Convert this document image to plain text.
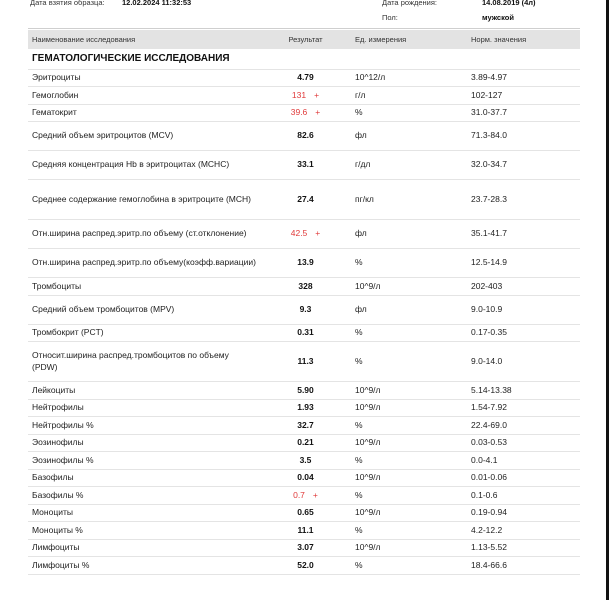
Дата взятия образца: 12.02.2024 11:32:53	Дата рождения:	14.08.2019 (4л)
Пол:	мужской
Наименование исследования	Результат	Ед. измерения	Норм. значения
ГЕМАТОЛОГИЧЕСКИЕ ИССЛЕДОВАНИЯ			
Эритроциты	4.79	10^12/л	3.89-4.97
Гемоглобин	131 +	г/л	102-127
Гематокрит	39.6 +	%	31.0-37.7
Средний объем эритроцитов (MCV)	82.6	фл	71.3-84.0
Средняя концентрация Hb в эритроцитах (MCHC)	33.1	г/дл	32.0-34.7
Среднее содержание гемоглобина в эритроците (MCH)	27.4	пг/кл	23.7-28.3
Отн.ширина распред.эритр.по объему (ст.отклонение)	42.5 +	фл	35.1-41.7
Отн.ширина распред.эритр.по объему(коэфф.вариации)	13.9	%	12.5-14.9
Тромбоциты	328	10^9/л	202-403
Средний объем тромбоцитов (MPV)	9.3	фл	9.0-10.9
Тромбокрит (PCT)	0.31	%	0.17-0.35
Относит.ширина распред.тромбоцитов по объему (PDW)	11.3	%	9.0-14.0
Лейкоциты	5.90	10^9/л	5.14-13.38
Нейтрофилы	1.93	10^9/л	1.54-7.92
Нейтрофилы %	32.7	%	22.4-69.0
Эозинофилы	0.21	10^9/л	0.03-0.53
Эозинофилы %	3.5	%	0.0-4.1
Базофилы	0.04	10^9/л	0.01-0.06
Базофилы %	0.7 +	%	0.1-0.6
Моноциты	0.65	10^9/л	0.19-0.94
Моноциты %	11.1	%	4.2-12.2
Лимфоциты	3.07	10^9/л	1.13-5.52
Лимфоциты %	52.0	%	18.4-66.6
